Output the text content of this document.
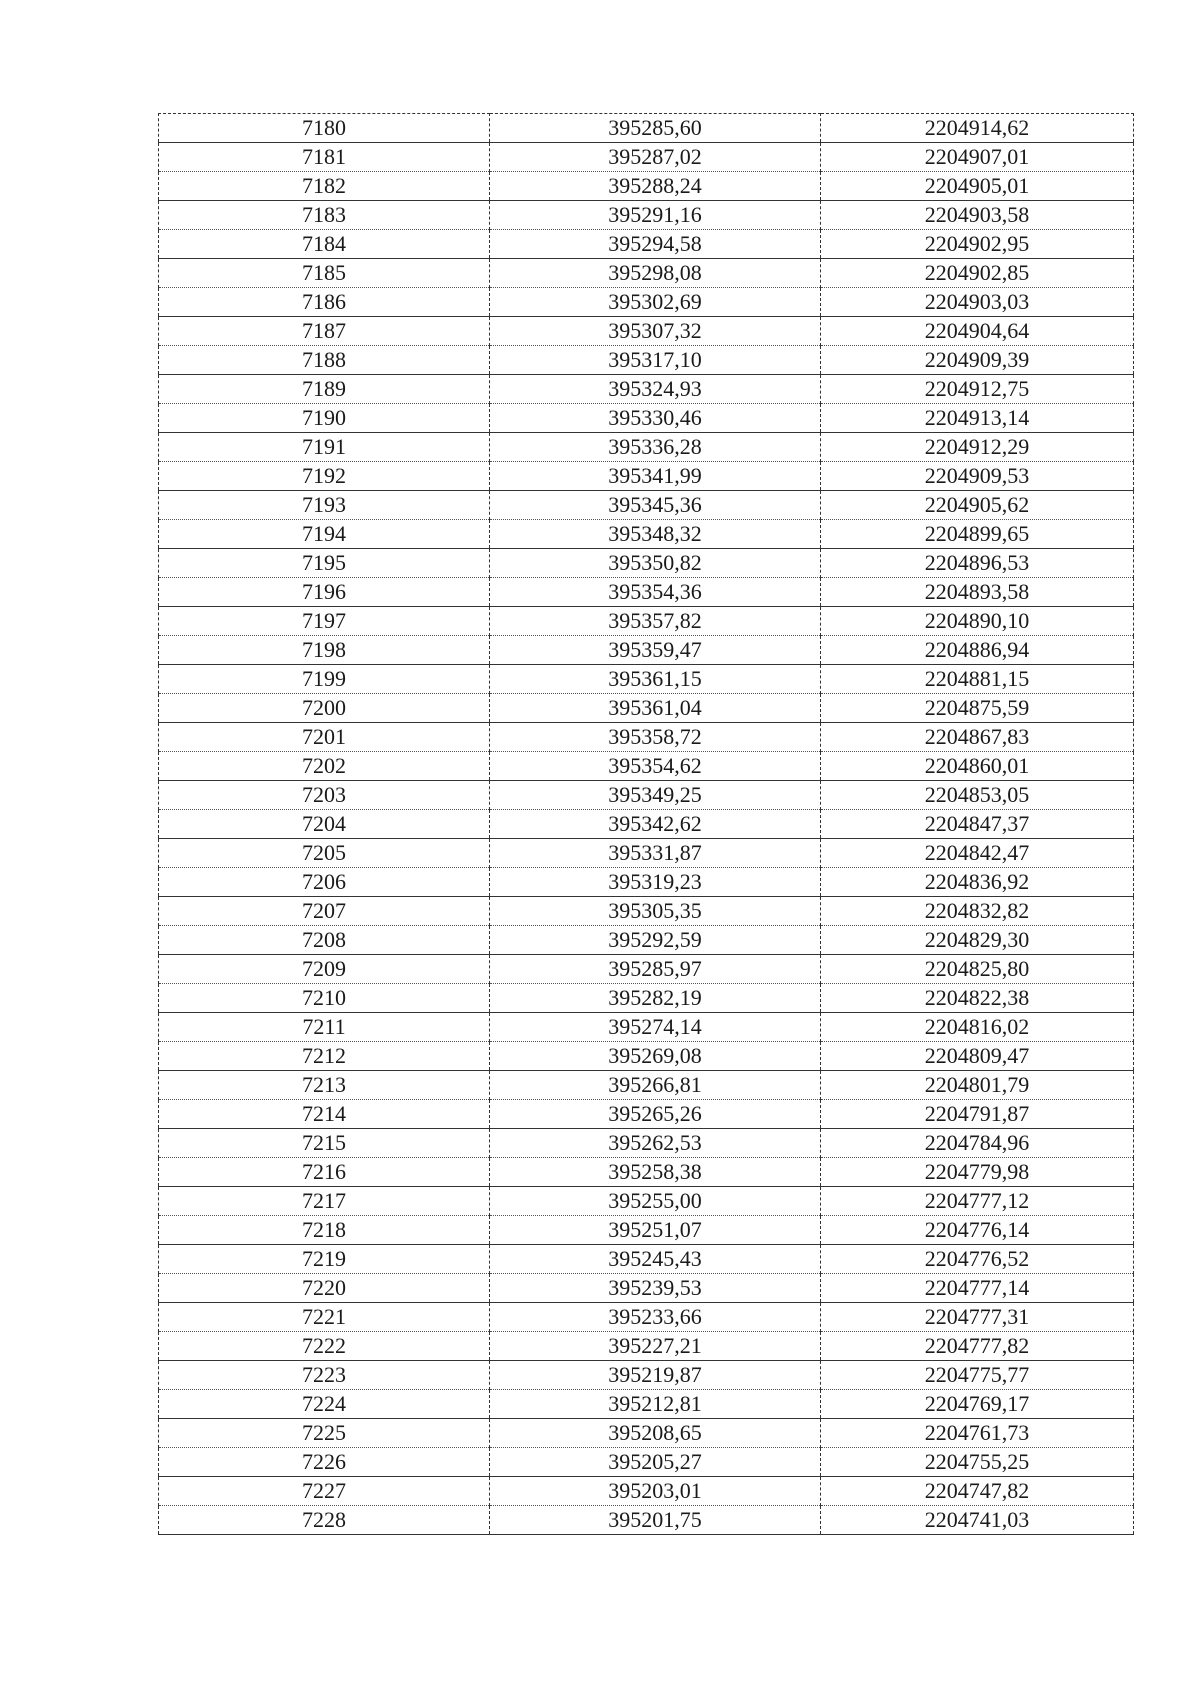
7180	395285,60	2204914,62
7181	395287,02	2204907,01
7182	395288,24	2204905,01
7183	395291,16	2204903,58
7184	395294,58	2204902,95
7185	395298,08	2204902,85
7186	395302,69	2204903,03
7187	395307,32	2204904,64
7188	395317,10	2204909,39
7189	395324,93	2204912,75
7190	395330,46	2204913,14
7191	395336,28	2204912,29
7192	395341,99	2204909,53
7193	395345,36	2204905,62
7194	395348,32	2204899,65
7195	395350,82	2204896,53
7196	395354,36	2204893,58
7197	395357,82	2204890,10
7198	395359,47	2204886,94
7199	395361,15	2204881,15
7200	395361,04	2204875,59
7201	395358,72	2204867,83
7202	395354,62	2204860,01
7203	395349,25	2204853,05
7204	395342,62	2204847,37
7205	395331,87	2204842,47
7206	395319,23	2204836,92
7207	395305,35	2204832,82
7208	395292,59	2204829,30
7209	395285,97	2204825,80
7210	395282,19	2204822,38
7211	395274,14	2204816,02
7212	395269,08	2204809,47
7213	395266,81	2204801,79
7214	395265,26	2204791,87
7215	395262,53	2204784,96
7216	395258,38	2204779,98
7217	395255,00	2204777,12
7218	395251,07	2204776,14
7219	395245,43	2204776,52
7220	395239,53	2204777,14
7221	395233,66	2204777,31
7222	395227,21	2204777,82
7223	395219,87	2204775,77
7224	395212,81	2204769,17
7225	395208,65	2204761,73
7226	395205,27	2204755,25
7227	395203,01	2204747,82
7228	395201,75	2204741,03
